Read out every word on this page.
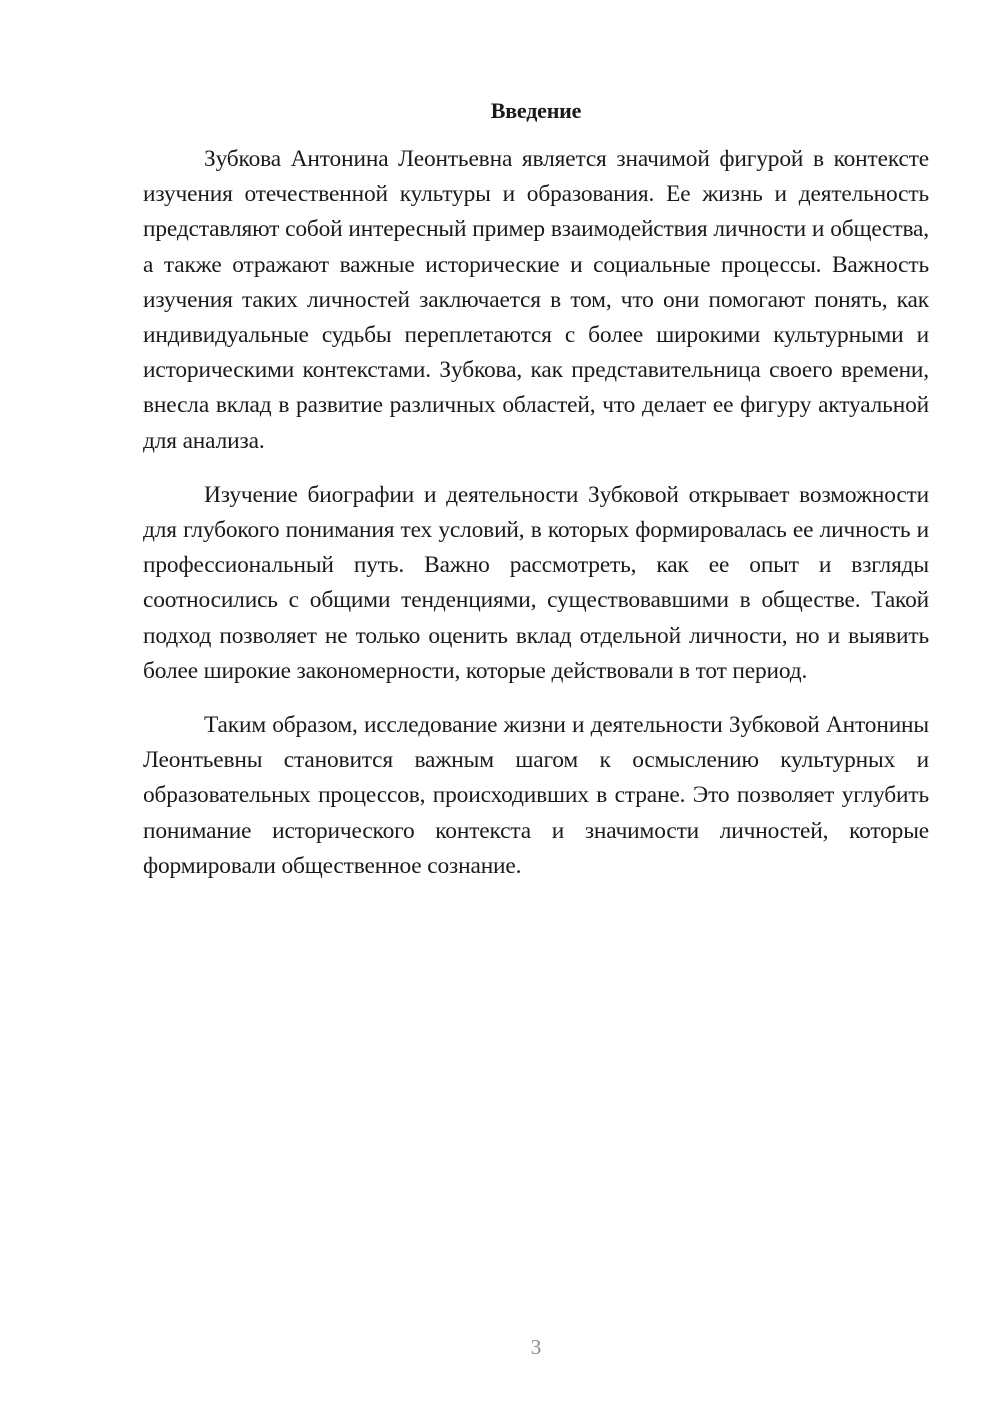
Введение

Зубкова Антонина Леонтьевна является значимой фигурой в контексте изучения отечественной культуры и образования. Ее жизнь и деятельность представляют собой интересный пример взаимодействия личности и общества, а также отражают важные исторические и социальные процессы. Важность изучения таких личностей заключается в том, что они помогают понять, как индивидуальные судьбы переплетаются с более широкими культурными и историческими контекстами. Зубкова, как представительница своего времени, внесла вклад в развитие различных областей, что делает ее фигуру актуальной для анализа.

Изучение биографии и деятельности Зубковой открывает возможности для глубокого понимания тех условий, в которых формировалась ее личность и профессиональный путь. Важно рассмотреть, как ее опыт и взгляды соотносились с общими тенденциями, существовавшими в обществе. Такой подход позволяет не только оценить вклад отдельной личности, но и выявить более широкие закономерности, которые действовали в тот период.

Таким образом, исследование жизни и деятельности Зубковой Антонины Леонтьевны становится важным шагом к осмыслению культурных и образовательных процессов, происходивших в стране. Это позволяет углубить понимание исторического контекста и значимости личностей, которые формировали общественное сознание.

3
